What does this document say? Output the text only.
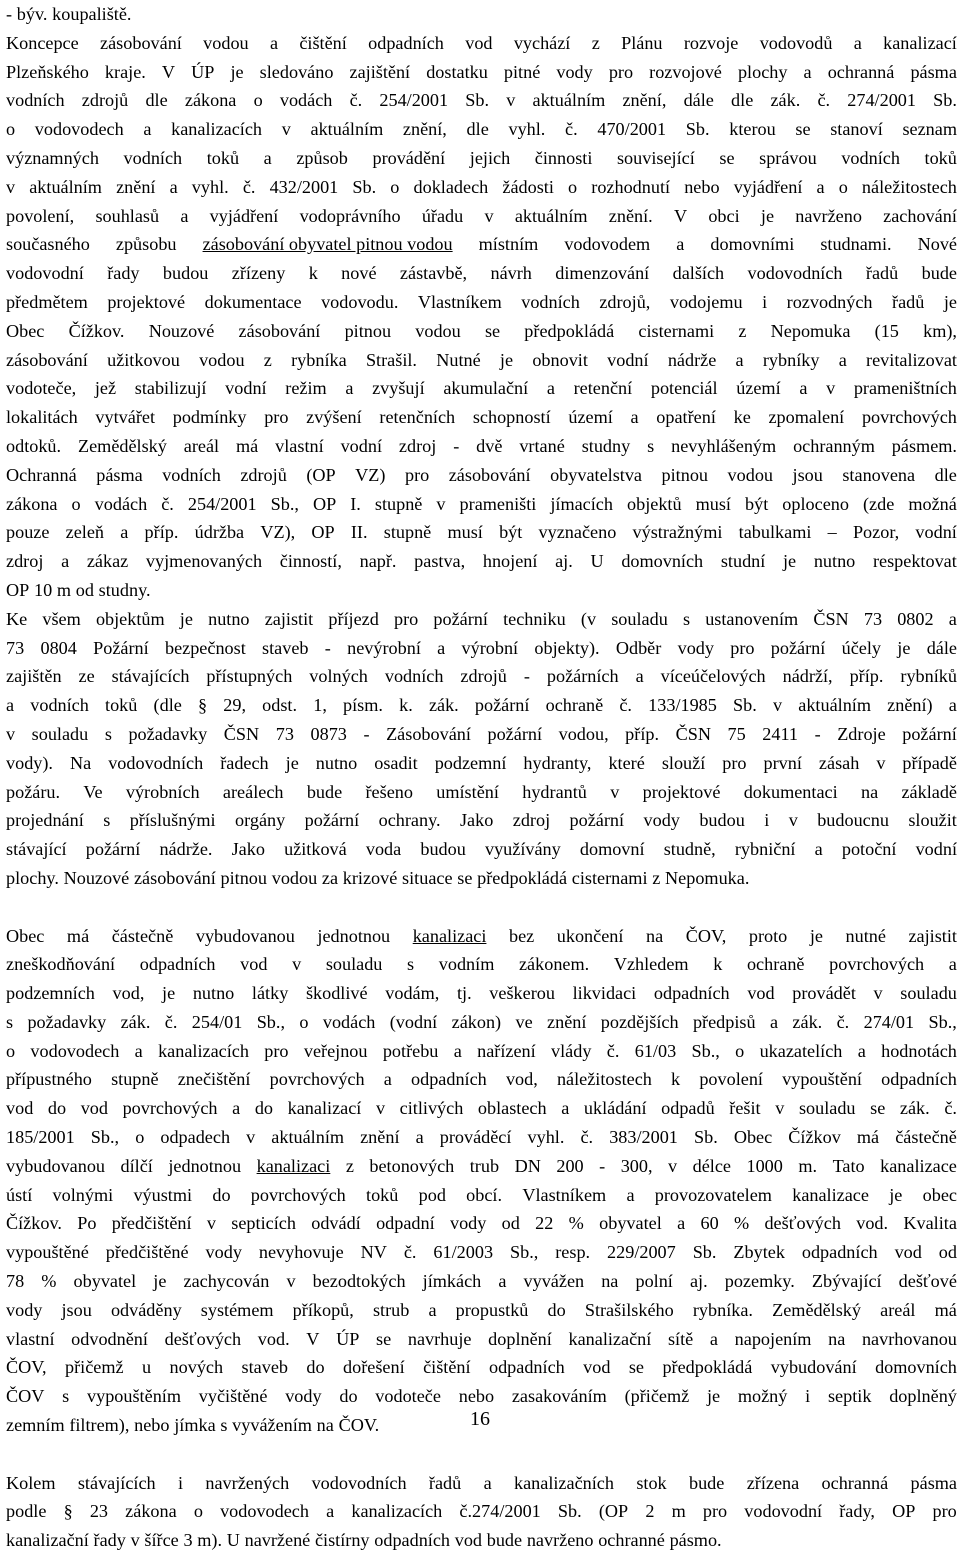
- býv. koupaliště.
Koncepce zásobování vodou a čištění odpadních vod vychází z Plánu rozvoje vodovodů a kanalizací
Plzeňského kraje. V ÚP je sledováno zajištění dostatku pitné vody pro rozvojové plochy a ochranná pásma
vodních zdrojů dle zákona o vodách č. 254/2001 Sb. v aktuálním znění, dále dle zák. č. 274/2001 Sb.
o vodovodech a kanalizacích v aktuálním znění, dle vyhl. č. 470/2001 Sb. kterou se stanoví seznam
významných vodních toků a způsob provádění jejich činnosti související se správou vodních toků
v aktuálním znění a vyhl. č. 432/2001 Sb. o dokladech žádosti o rozhodnutí nebo vyjádření a o náležitostech
povolení, souhlasů a vyjádření vodoprávního úřadu v aktuálním znění. V obci je navrženo zachování
současného způsobu zásobování obyvatel pitnou vodou místním vodovodem a domovními studnami. Nové
vodovodní řady budou zřízeny k nové zástavbě, návrh dimenzování dalších vodovodních řadů bude
předmětem projektové dokumentace vodovodu. Vlastníkem vodních zdrojů, vodojemu i rozvodných řadů je
Obec Čížkov. Nouzové zásobování pitnou vodou se předpokládá cisternami z Nepomuka (15 km),
zásobování užitkovou vodou z rybníka Strašil. Nutné je obnovit vodní nádrže a rybníky a revitalizovat
vodoteče, jež stabilizují vodní režim a zvyšují akumulační a retenční potenciál území a v prameništních
lokalitách vytvářet podmínky pro zvýšení retenčních schopností území a opatření ke zpomalení povrchových
odtoků. Zemědělský areál má vlastní vodní zdroj - dvě vrtané studny s nevyhlášeným ochranným pásmem.
Ochranná pásma vodních zdrojů (OP VZ) pro zásobování obyvatelstva pitnou vodou jsou stanovena dle
zákona o vodách č. 254/2001 Sb., OP I. stupně v prameništi jímacích objektů musí být oploceno (zde možná
pouze zeleň a příp. údržba VZ), OP II. stupně musí být vyznačeno výstražnými tabulkami – Pozor, vodní
zdroj a zákaz vyjmenovaných činností, např. pastva, hnojení aj. U domovních studní je nutno respektovat
OP 10 m od studny.
Ke všem objektům je nutno zajistit příjezd pro požární techniku (v souladu s ustanovením ČSN 73 0802 a
73 0804 Požární bezpečnost staveb - nevýrobní a výrobní objekty). Odběr vody pro požární účely je dále
zajištěn ze stávajících přístupných volných vodních zdrojů - požárních a víceúčelových nádrží, příp. rybníků
a vodních toků (dle § 29, odst. 1, písm. k. zák. požární ochraně č. 133/1985 Sb. v aktuálním znění) a
v souladu s požadavky ČSN 73 0873 - Zásobování požární vodou, příp. ČSN 75 2411 - Zdroje požární
vody). Na vodovodních řadech je nutno osadit podzemní hydranty, které slouží pro první zásah v případě
požáru. Ve výrobních areálech bude řešeno umístění hydrantů v projektové dokumentaci na základě
projednání s příslušnými orgány požární ochrany. Jako zdroj požární vody budou i v budoucnu sloužit
stávající požární nádrže. Jako užitková voda budou využívány domovní studně, rybniční a potoční vodní
plochy. Nouzové zásobování pitnou vodou za krizové situace se předpokládá cisternami z Nepomuka.
Obec má částečně vybudovanou jednotnou kanalizaci bez ukončení na ČOV, proto je nutné zajistit
zneškodňování odpadních vod v souladu s vodním zákonem. Vzhledem k ochraně povrchových a
podzemních vod, je nutno látky škodlivé vodám, tj. veškerou likvidaci odpadních vod provádět v souladu
s požadavky zák. č. 254/01 Sb., o vodách (vodní zákon) ve znění pozdějších předpisů a zák. č. 274/01 Sb.,
o vodovodech a kanalizacích pro veřejnou potřebu a nařízení vlády č. 61/03 Sb., o ukazatelích a hodnotách
přípustného stupně znečištění povrchových a odpadních vod, náležitostech k povolení vypouštění odpadních
vod do vod povrchových a do kanalizací v citlivých oblastech a ukládání odpadů řešit v souladu se zák. č.
185/2001 Sb., o odpadech v aktuálním znění a prováděcí vyhl. č. 383/2001 Sb. Obec Čížkov má částečně
vybudovanou dílčí jednotnou kanalizaci z betonových trub DN 200 - 300, v délce 1000 m. Tato kanalizace
ústí volnými výustmi do povrchových toků pod obcí. Vlastníkem a provozovatelem kanalizace je obec
Čížkov. Po předčištění v septicích odvádí odpadní vody od 22 % obyvatel a 60 % dešťových vod. Kvalita
vypouštěné předčištěné vody nevyhovuje NV č. 61/2003 Sb., resp. 229/2007 Sb. Zbytek odpadních vod od
78 % obyvatel je zachycován v bezodtokých jímkách a vyvážen na polní aj. pozemky. Zbývající dešťové
vody jsou odváděny systémem příkopů, strub a propustků do Strašilského rybníka. Zemědělský areál má
vlastní odvodnění dešťových vod. V ÚP se navrhuje doplnění kanalizační sítě a napojením na navrhovanou
ČOV, přičemž u nových staveb do dořešení čištění odpadních vod se předpokládá vybudování domovních
ČOV s vypouštěním vyčištěné vody do vodoteče nebo zasakováním (přičemž je možný i septik doplněný
zemním filtrem), nebo jímka s vyvážením na ČOV.
Kolem stávajících i navržených vodovodních řadů a kanalizačních stok bude zřízena ochranná pásma
podle § 23 zákona o vodovodech a kanalizacích č.274/2001 Sb. (OP 2 m pro vodovodní řady, OP pro
kanalizační řady v šířce 3 m). U navržené čistírny odpadních vod bude navrženo ochranné pásmo.
16
